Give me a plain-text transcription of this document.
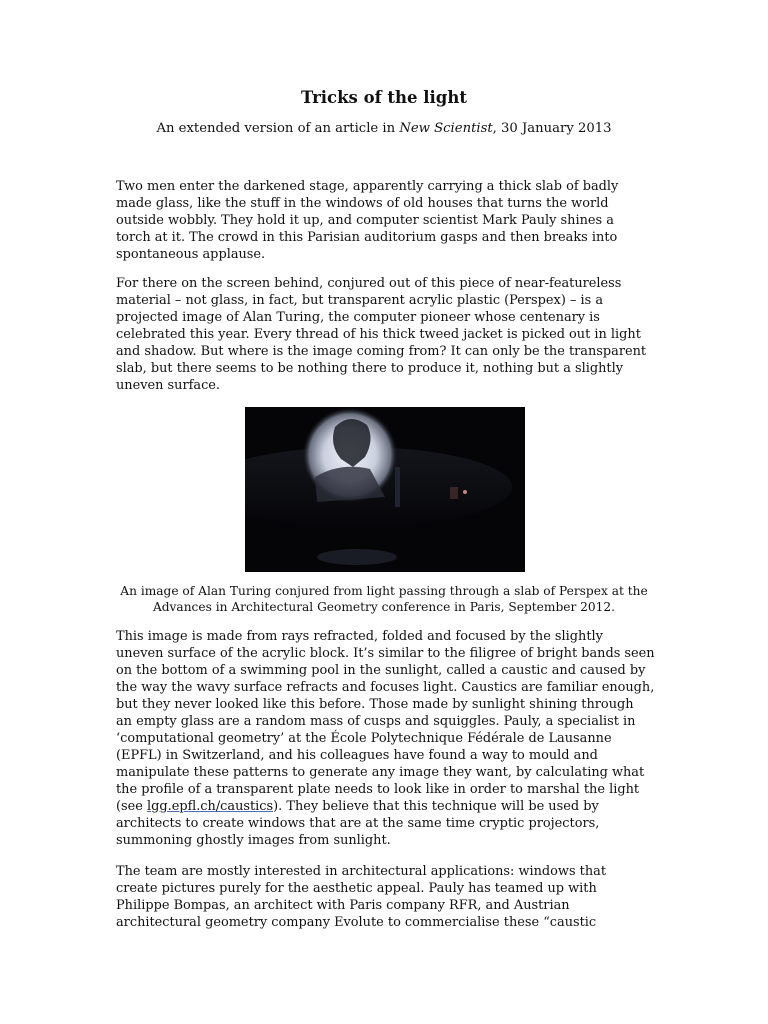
Tricks of the light
An extended version of an article in New Scientist, 30 January 2013

Two men enter the darkened stage, apparently carrying a thick slab of badly
made glass, like the stuff in the windows of old houses that turns the world
outside wobbly. They hold it up, and computer scientist Mark Pauly shines a
torch at it. The crowd in this Parisian auditorium gasps and then breaks into
spontaneous applause.

For there on the screen behind, conjured out of this piece of near-featureless
material – not glass, in fact, but transparent acrylic plastic (Perspex) – is a
projected image of Alan Turing, the computer pioneer whose centenary is
celebrated this year. Every thread of his thick tweed jacket is picked out in light
and shadow. But where is the image coming from? It can only be the transparent
slab, but there seems to be nothing there to produce it, nothing but a slightly
uneven surface.

An image of Alan Turing conjured from light passing through a slab of Perspex at the
Advances in Architectural Geometry conference in Paris, September 2012.

This image is made from rays refracted, folded and focused by the slightly
uneven surface of the acrylic block. It’s similar to the filigree of bright bands seen
on the bottom of a swimming pool in the sunlight, called a caustic and caused by
the way the wavy surface refracts and focuses light. Caustics are familiar enough,
but they never looked like this before. Those made by sunlight shining through
an empty glass are a random mass of cusps and squiggles. Pauly, a specialist in
‘computational geometry’ at the École Polytechnique Fédérale de Lausanne
(EPFL) in Switzerland, and his colleagues have found a way to mould and
manipulate these patterns to generate any image they want, by calculating what
the profile of a transparent plate needs to look like in order to marshal the light
(see lgg.epfl.ch/caustics). They believe that this technique will be used by
architects to create windows that are at the same time cryptic projectors,
summoning ghostly images from sunlight.

The team are mostly interested in architectural applications: windows that
create pictures purely for the aesthetic appeal. Pauly has teamed up with
Philippe Bompas, an architect with Paris company RFR, and Austrian
architectural geometry company Evolute to commercialise these “caustic
